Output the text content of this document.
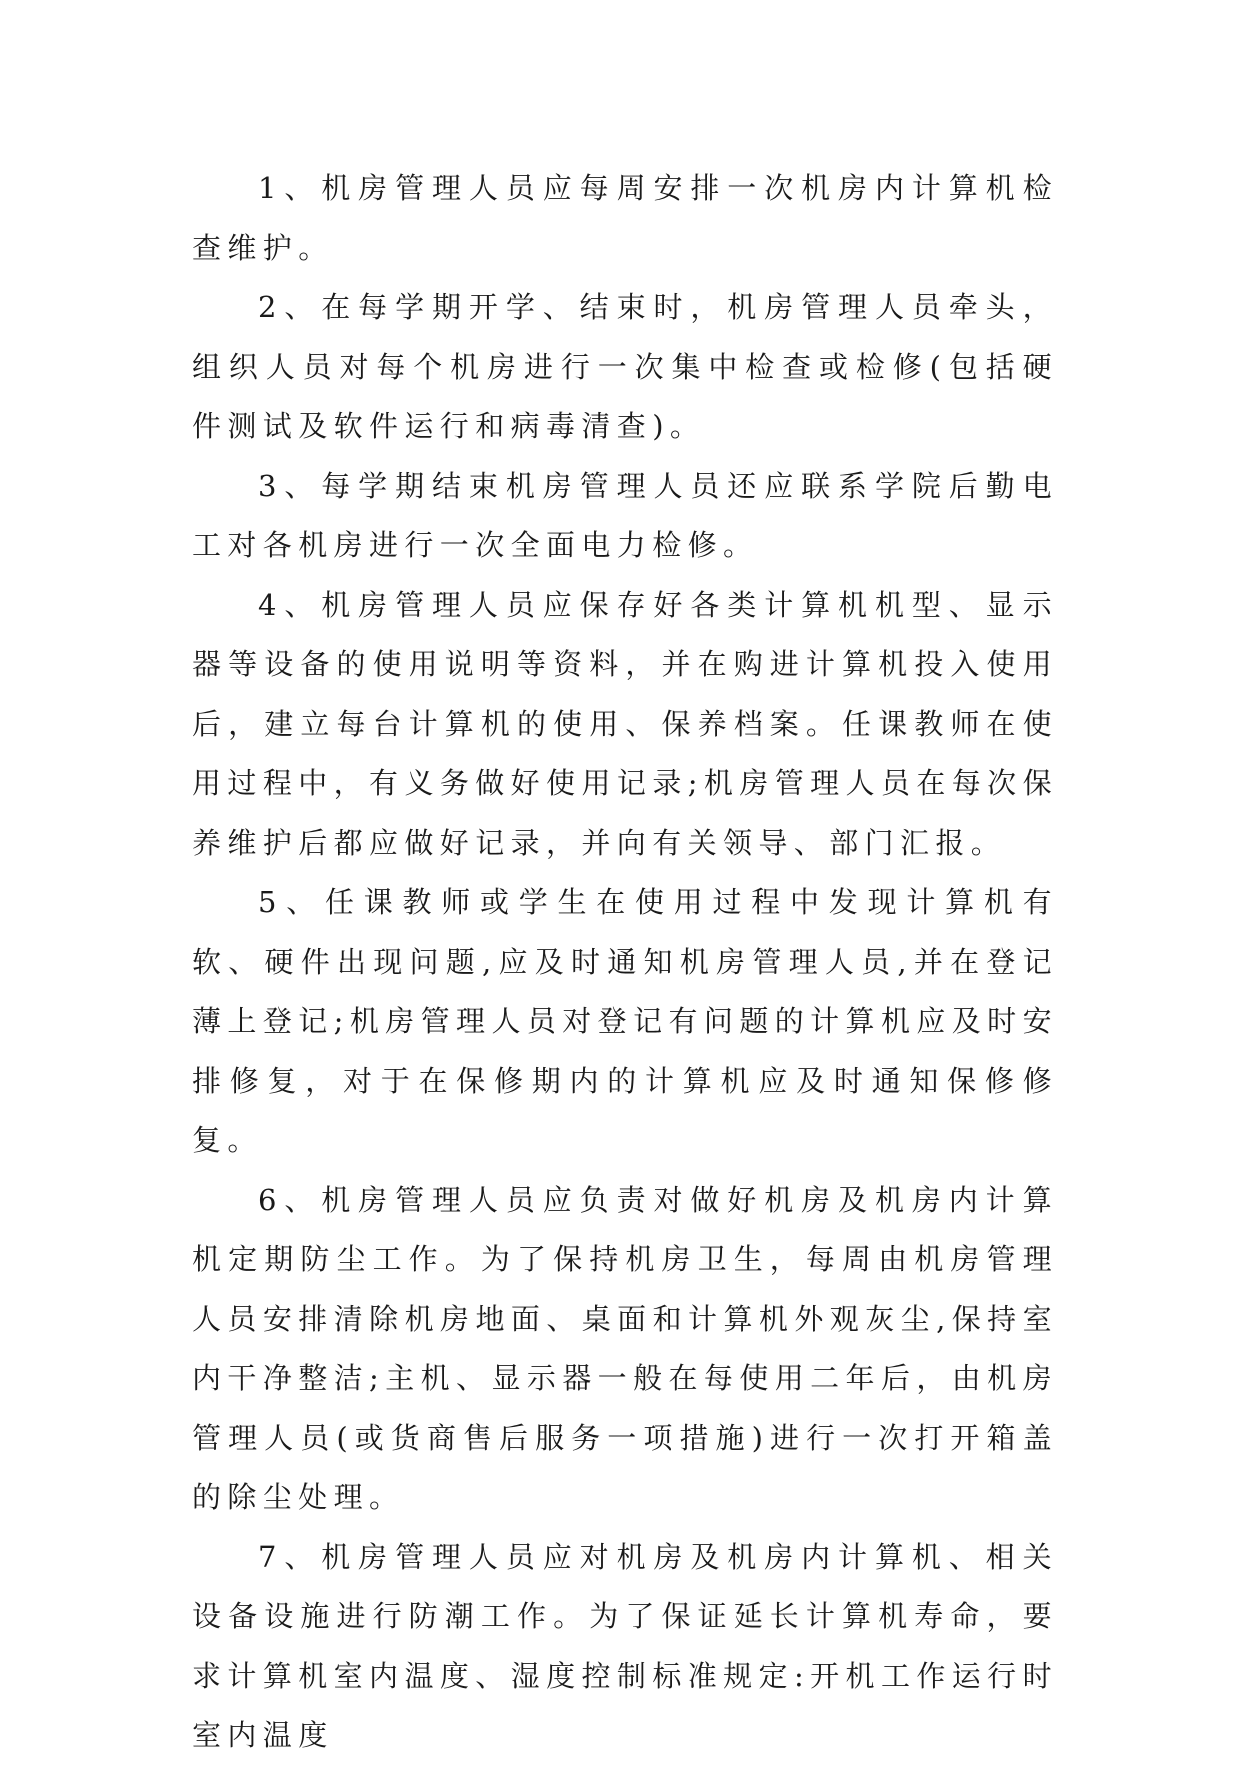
1、机房管理人员应每周安排一次机房内计算机检查维护。

2、在每学期开学、结束时，机房管理人员牵头，组织人员对每个机房进行一次集中检查或检修(包括硬件测试及软件运行和病毒清查)。

3、每学期结束机房管理人员还应联系学院后勤电工对各机房进行一次全面电力检修。

4、机房管理人员应保存好各类计算机机型、显示器等设备的使用说明等资料，并在购进计算机投入使用后，建立每台计算机的使用、保养档案。任课教师在使用过程中，有义务做好使用记录;机房管理人员在每次保养维护后都应做好记录，并向有关领导、部门汇报。

5、任课教师或学生在使用过程中发现计算机有软、硬件出现问题,应及时通知机房管理人员,并在登记薄上登记;机房管理人员对登记有问题的计算机应及时安排修复，对于在保修期内的计算机应及时通知保修修复。

6、机房管理人员应负责对做好机房及机房内计算机定期防尘工作。为了保持机房卫生，每周由机房管理人员安排清除机房地面、桌面和计算机外观灰尘,保持室内干净整洁;主机、显示器一般在每使用二年后，由机房管理人员(或货商售后服务一项措施)进行一次打开箱盖的除尘处理。

7、机房管理人员应对机房及机房内计算机、相关设备设施进行防潮工作。为了保证延长计算机寿命，要求计算机室内温度、湿度控制标准规定:开机工作运行时室内温度
